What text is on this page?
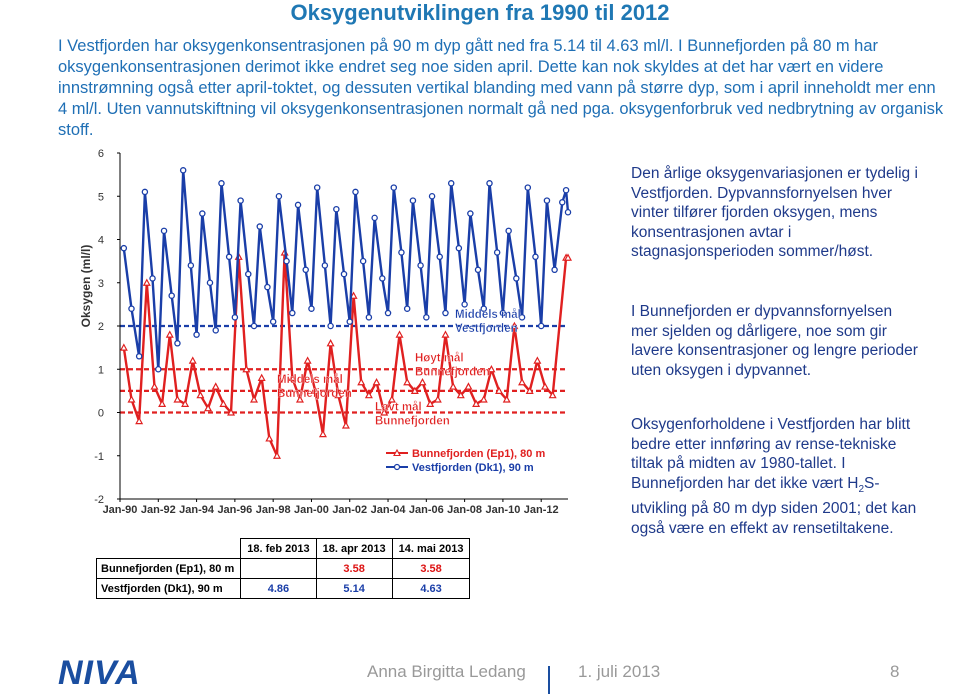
Oksygenutviklingen fra 1990 til 2012
I Vestfjorden har oksygenkonsentrasjonen på 90 m dyp gått ned fra 5.14 til 4.63 ml/l. I Bunnefjorden på 80 m har oksygenkonsentrasjonen derimot ikke endret seg noe siden april. Dette kan nok skyldes at det har vært en videre innstrømning også etter april-toktet, og dessuten vertikal blanding med vann på større dyp, som i april inneholdt mer enn 4 ml/l. Uten vannutskiftning vil oksygenkonsentrasjonen normalt gå ned pga. oksygenforbruk ved nedbrytning av organisk stoff.
-2
-1
0
1
2
3
4
5
6
Oksygen (ml/l)
Jan-90 Jan-92 Jan-94 Jan-96 Jan-98 Jan-00 Jan-02 Jan-04 Jan-06 Jan-08 Jan-10 Jan-12
Middels mål Vestfjorden
Høyt mål Bunnefjorden
Middels mål Bunnefjorden
Lavt mål Bunnefjorden
Bunnefjorden (Ep1), 80 m
Vestfjorden (Dk1), 90 m
Den årlige oksygenvariasjonen er tydelig i Vestfjorden. Dypvannsfornyelsen hver vinter tilfører fjorden oksygen, mens konsentrasjonen avtar i stagnasjonsperioden sommer/høst.
I Bunnefjorden er dypvannsfornyelsen mer sjelden og dårligere, noe som gir lavere konsentrasjoner og lengre perioder uten oksygen i dypvannet.
Oksygenforholdene i Vestfjorden har blitt bedre etter innføring av rense-tekniske tiltak på midten av 1980-tallet. I Bunnefjorden har det ikke vært $H_2S$-utvikling på 80 m dyp siden 2001; det kan også være en effekt av rensetiltakene.
	18. feb 2013	18. apr 2013	14. mai 2013
Bunnefjorden (Ep1), 80 m		3.58	3.58
Vestfjorden (Dk1), 90 m	4.86	5.14	4.63
NIVA	Anna Birgitta Ledang	1. juli 2013	8
